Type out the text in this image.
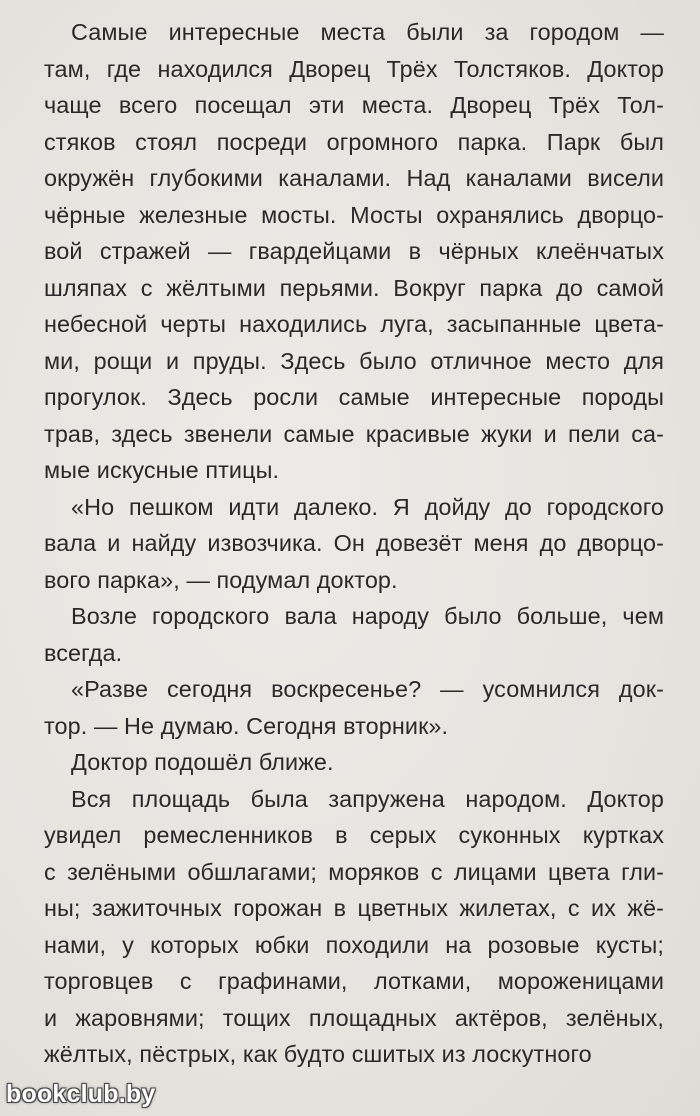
Самые интересные места были за городом —
там, где находился Дворец Трёх Толстяков. Доктор
чаще всего посещал эти места. Дворец Трёх Тол-
стяков стоял посреди огромного парка. Парк был
окружён глубокими каналами. Над каналами висели
чёрные железные мосты. Мосты охранялись дворцо-
вой стражей — гвардейцами в чёрных клеёнчатых
шляпах с жёлтыми перьями. Вокруг парка до самой
небесной черты находились луга, засыпанные цвета-
ми, рощи и пруды. Здесь было отличное место для
прогулок. Здесь росли самые интересные породы
трав, здесь звенели самые красивые жуки и пели са-
мые искусные птицы.
«Но пешком идти далеко. Я дойду до городского
вала и найду извозчика. Он довезёт меня до дворцо-
вого парка», — подумал доктор.
Возле городского вала народу было больше, чем
всегда.
«Разве сегодня воскресенье? — усомнился док-
тор. — Не думаю. Сегодня вторник».
Доктор подошёл ближе.
Вся площадь была запружена народом. Доктор
увидел ремесленников в серых суконных куртках
с зелёными обшлагами; моряков с лицами цвета гли-
ны; зажиточных горожан в цветных жилетах, с их жё-
нами, у которых юбки походили на розовые кусты;
торговцев с графинами, лотками, мороженицами
и жаровнями; тощих площадных актёров, зелёных,
жёлтых, пёстрых, как будто сшитых из лоскутного
bookclub.by
